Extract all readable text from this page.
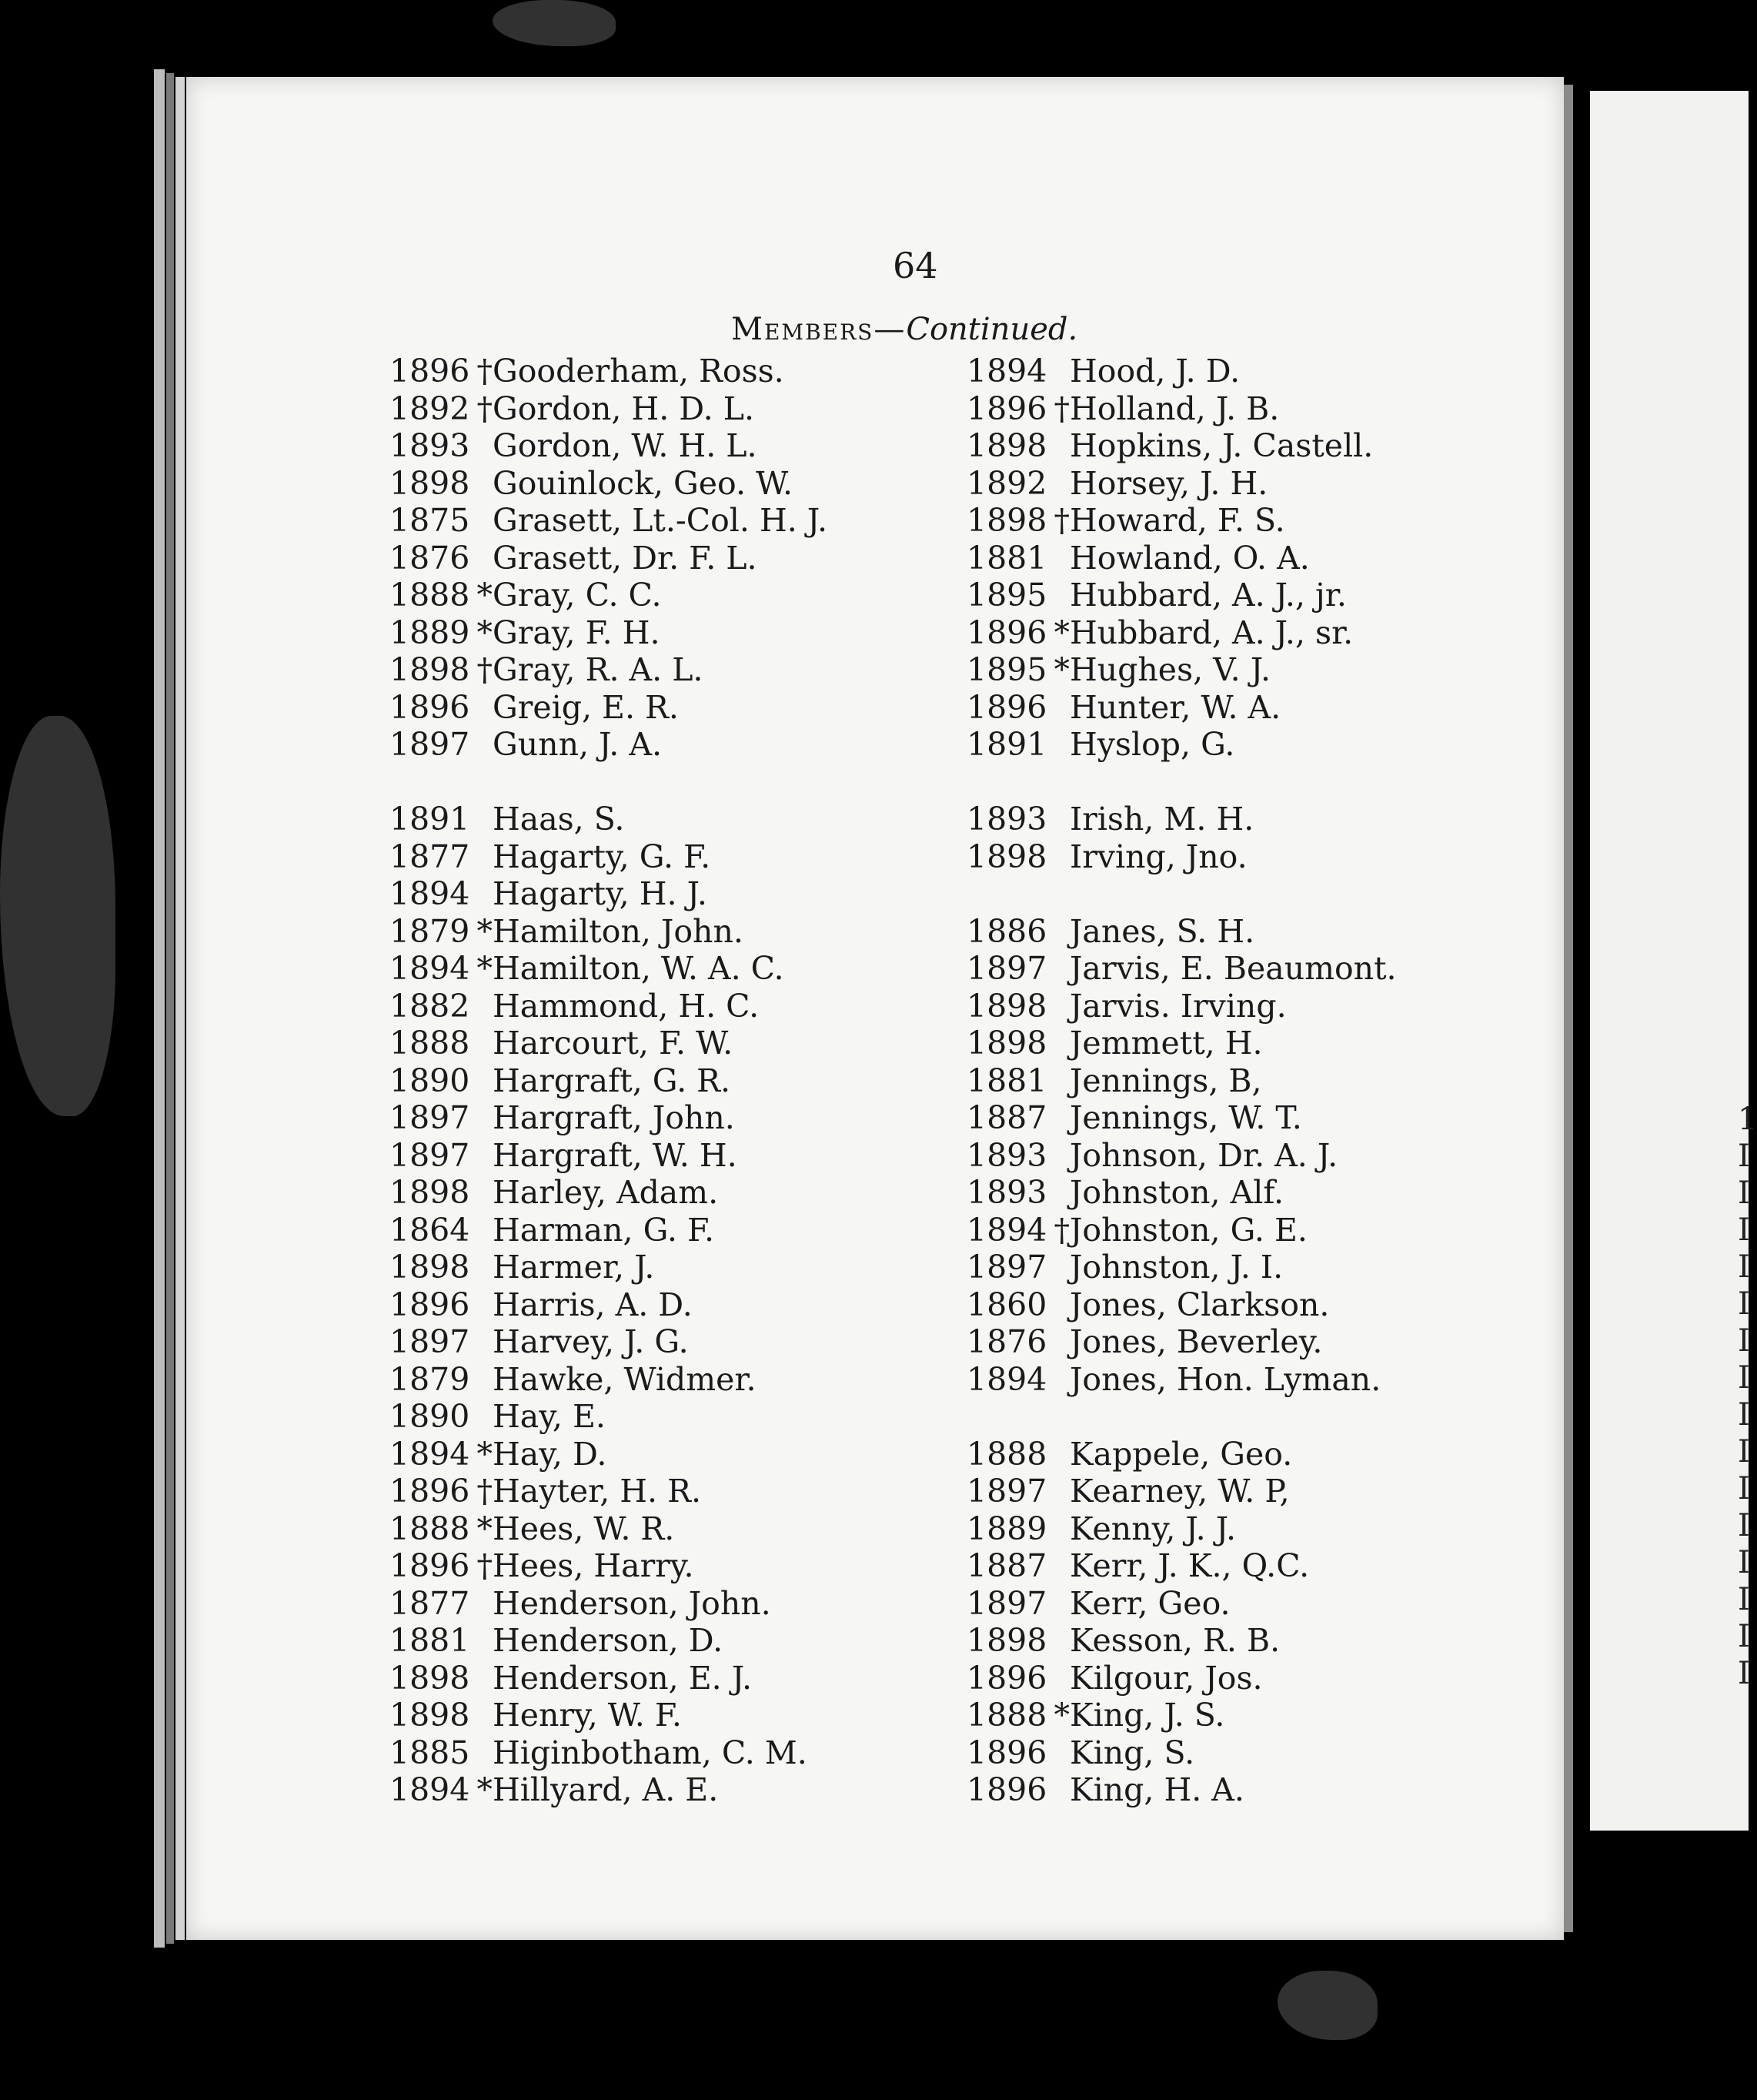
1
I
I
I
I
I
I
I
I
I
I
I
I
I
I
I
64
Members—Continued.
1896 †Gooderham, Ross.
1892 †Gordon, H. D. L.
1893 Gordon, W. H. L.
1898 Gouinlock, Geo. W.
1875 Grasett, Lt.-Col. H. J.
1876 Grasett, Dr. F. L.
1888 *Gray, C. C.
1889 *Gray, F. H.
1898 †Gray, R. A. L.
1896 Greig, E. R.
1897 Gunn, J. A.
1891 Haas, S.
1877 Hagarty, G. F.
1894 Hagarty, H. J.
1879 *Hamilton, John.
1894 *Hamilton, W. A. C.
1882 Hammond, H. C.
1888 Harcourt, F. W.
1890 Hargraft, G. R.
1897 Hargraft, John.
1897 Hargraft, W. H.
1898 Harley, Adam.
1864 Harman, G. F.
1898 Harmer, J.
1896 Harris, A. D.
1897 Harvey, J. G.
1879 Hawke, Widmer.
1890 Hay, E.
1894 *Hay, D.
1896 †Hayter, H. R.
1888 *Hees, W. R.
1896 †Hees, Harry.
1877 Henderson, John.
1881 Henderson, D.
1898 Henderson, E. J.
1898 Henry, W. F.
1885 Higinbotham, C. M.
1894 *Hillyard, A. E.
1894 Hood, J. D.
1896 †Holland, J. B.
1898 Hopkins, J. Castell.
1892 Horsey, J. H.
1898 †Howard, F. S.
1881 Howland, O. A.
1895 Hubbard, A. J., jr.
1896 *Hubbard, A. J., sr.
1895 *Hughes, V. J.
1896 Hunter, W. A.
1891 Hyslop, G.
1893 Irish, M. H.
1898 Irving, Jno.
1886 Janes, S. H.
1897 Jarvis, E. Beaumont.
1898 Jarvis. Irving.
1898 Jemmett, H.
1881 Jennings, B,
1887 Jennings, W. T.
1893 Johnson, Dr. A. J.
1893 Johnston, Alf.
1894 †Johnston, G. E.
1897 Johnston, J. I.
1860 Jones, Clarkson.
1876 Jones, Beverley.
1894 Jones, Hon. Lyman.
1888 Kappele, Geo.
1897 Kearney, W. P,
1889 Kenny, J. J.
1887 Kerr, J. K., Q.C.
1897 Kerr, Geo.
1898 Kesson, R. B.
1896 Kilgour, Jos.
1888 *King, J. S.
1896 King, S.
1896 King, H. A.
